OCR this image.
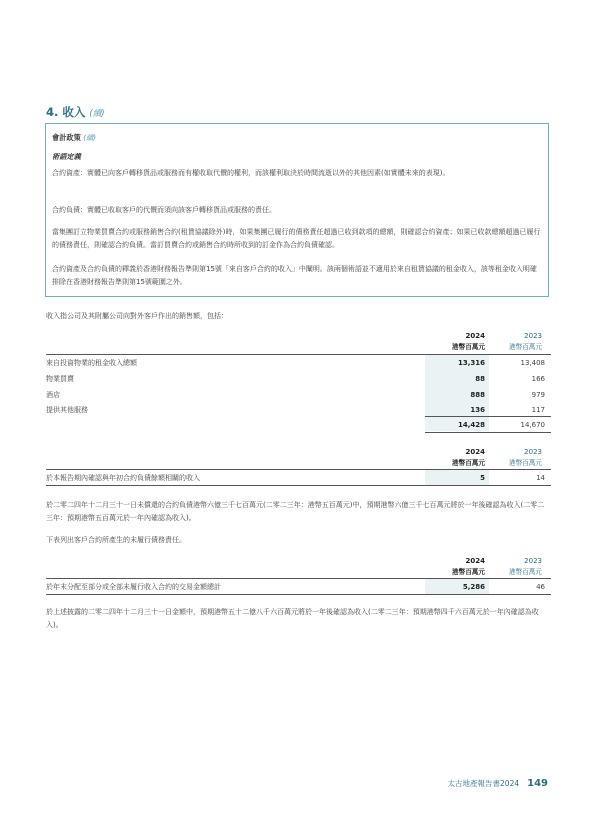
4. 收入 (續)
會計政策 (續)
術語定義
合約資產：實體已向客戶轉移貨品或服務而有權收取代價的權利，而該權利取決於時間流逝以外的其他因素(如實體未來的表現)。
合約負債：實體已收取客戶的代價而須向該客戶轉移貨品或服務的責任。
當集團訂立物業買賣合約或服務銷售合約(租賃協議除外)時，如果集團已履行的債務責任超過已收到款項的總額，則確認合約資產；如果已收款總額超過已履行的債務責任，則確認合約負債。當訂買賣合約或銷售合約時所收到的訂金作為合約負債確認。
合約資產及合約負債的釋義於香港財務報告準則第15號「來自客戶合約的收入」中闡明。該兩個術語並不適用於來自租賃協議的租金收入，該等租金收入明確排除在香港財務報告準則第15號範圍之外。
收入指公司及其附屬公司向對外客戶作出的銷售額，包括：
2024
港幣百萬元
2023
港幣百萬元
來自投資物業的租金收入總額	13,316	13,408
物業買賣	88	166
酒店	888	979
提供其他服務	136	117
14,428	14,670
2024
港幣百萬元
2023
港幣百萬元
於本報告期內確認與年初合約負債餘額相關的收入	5	14
於二零二四年十二月三十一日未償還的合約負債港幣六億三千七百萬元(二零二三年：港幣五百萬元)中，預期港幣六億三千七百萬元將於一年後確認為收入(二零二三年：預期港幣五百萬元於一年內確認為收入)。
下表列出客戶合約所產生的未履行債務責任。
2024
港幣百萬元
2023
港幣百萬元
於年末分配至部分或全部未履行收入合約的交易金額總計	5,286	46
於上述披露的二零二四年十二月三十一日金額中，預期港幣五十二億八千六百萬元將於一年後確認為收入(二零二三年：預期港幣四千六百萬元於一年內確認為收入)。
太古地產報告書2024 149
